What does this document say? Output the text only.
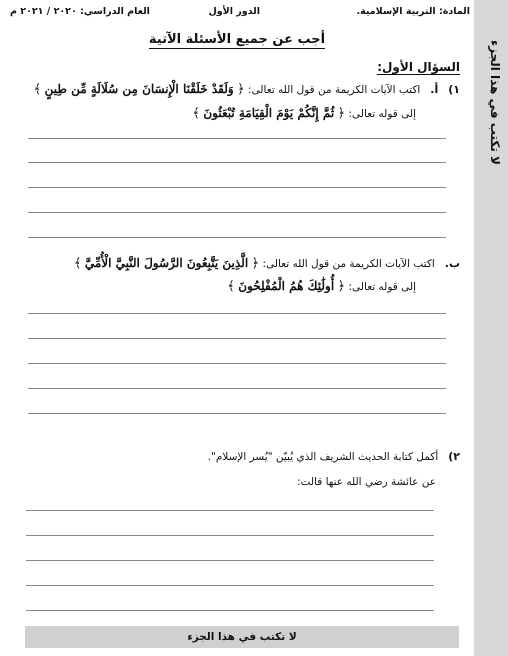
لا تكتب في هذا الجزء
المادة: التربية الإسلامية.
الدور الأول
العام الدراسي: ٢٠٢٠ / ٢٠٢١ م
أجب عن جميع الأسئلة الآتية
السؤال الأول:
١)   أ.   اكتب الآيات الكريمة من قول الله تعالى: ﴿ وَلَقَدْ خَلَقْنَا الْإِنسَانَ مِن سُلَالَةٍ مِّن طِينٍ ﴾
إلى قوله تعالى: ﴿ ثُمَّ إِنَّكُمْ يَوْمَ الْقِيَامَةِ تُبْعَثُونَ ﴾
ب.   اكتب الآيات الكريمة من قول الله تعالى: ﴿ الَّذِينَ يَتَّبِعُونَ الرَّسُولَ النَّبِيَّ الْأُمِّيَّ ﴾
إلى قوله تعالى: ﴿ أُولَٰئِكَ هُمُ الْمُفْلِحُونَ ﴾
٢)   أكمل كتابة الحديث الشريف الذي يُبيّن "يُسر الإسلام".
عن عائشة رضي الله عنها قالت:
لا تكتب في هذا الجزء
